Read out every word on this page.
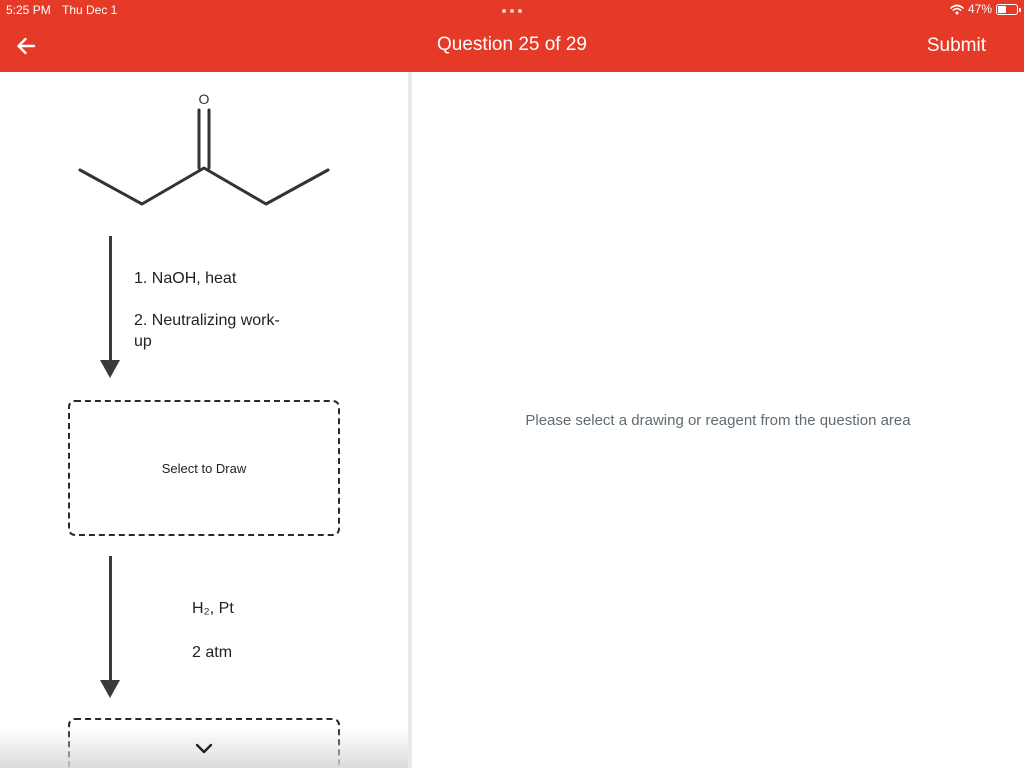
5:25 PM Thu Dec 1	47%
Question 25 of 29	Submit
O
1. NaOH, heat
2. Neutralizing work-up
Select to Draw
H₂, Pt
2 atm
Please select a drawing or reagent from the question area
